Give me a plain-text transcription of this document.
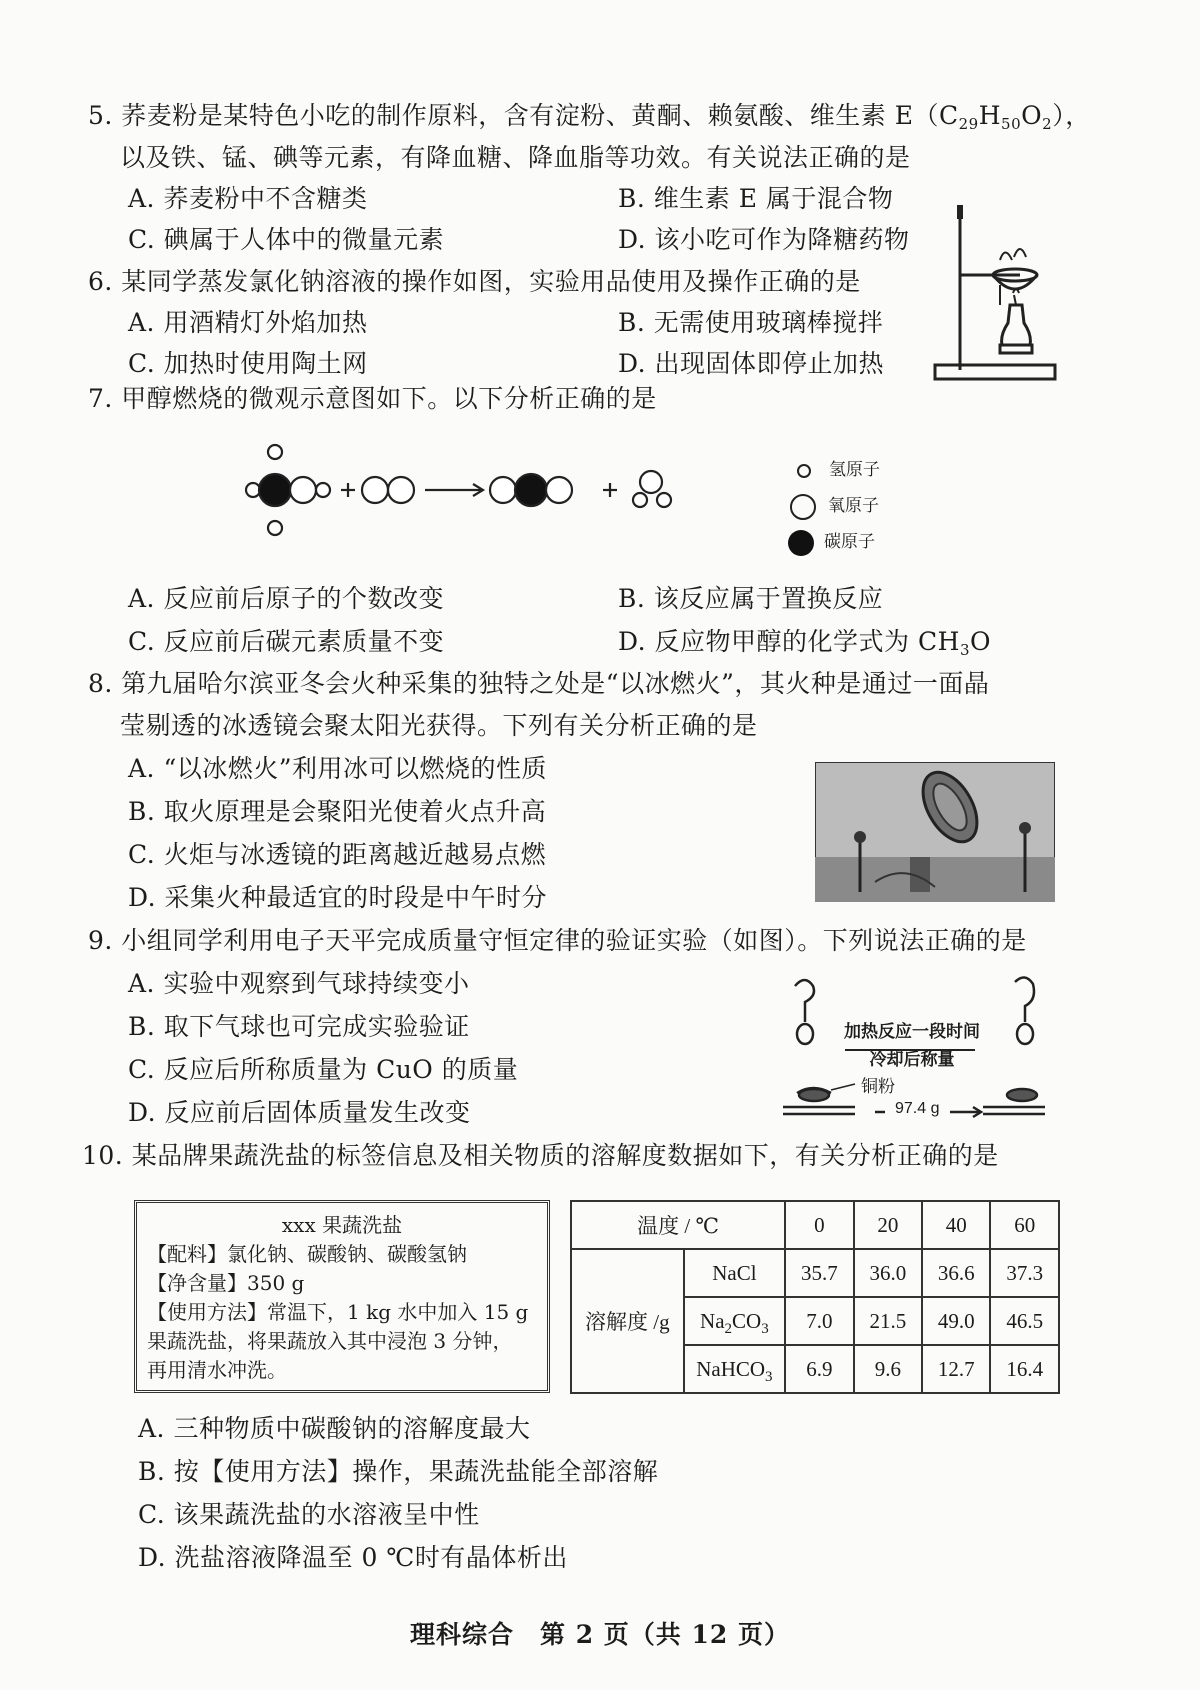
5. 荞麦粉是某特色小吃的制作原料，含有淀粉、黄酮、赖氨酸、维生素 $E(C_{29}H_{50}O_2)$，
以及铁、锰、碘等元素，有降血糖、降血脂等功效。有关说法正确的是
A. 荞麦粉中不含糖类	B. 维生素 E 属于混合物
C. 碘属于人体中的微量元素	D. 该小吃可作为降糖药物
6. 某同学蒸发氯化钠溶液的操作如图，实验用品使用及操作正确的是
A. 用酒精灯外焰加热	B. 无需使用玻璃棒搅拌
C. 加热时使用陶土网	D. 出现固体即停止加热
7. 甲醇燃烧的微观示意图如下。以下分析正确的是
氢原子
氧原子
碳原子
A. 反应前后原子的个数改变	B. 该反应属于置换反应
C. 反应前后碳元素质量不变	D. 反应物甲醇的化学式为 $CH_3O$
8. 第九届哈尔滨亚冬会火种采集的独特之处是“以冰燃火”，其火种是通过一面晶
莹剔透的冰透镜会聚太阳光获得。下列有关分析正确的是
A. “以冰燃火”利用冰可以燃烧的性质
B. 取火原理是会聚阳光使着火点升高
C. 火炬与冰透镜的距离越近越易点燃
D. 采集火种最适宜的时段是中午时分
9. 小组同学利用电子天平完成质量守恒定律的验证实验（如图）。下列说法正确的是
A. 实验中观察到气球持续变小
B. 取下气球也可完成实验验证
C. 反应后所称质量为 CuO 的质量
D. 反应前后固体质量发生改变
加热反应一段时间
冷却后称量
铜粉
97.4 g
10. 某品牌果蔬洗盐的标签信息及相关物质的溶解度数据如下，有关分析正确的是
xxx 果蔬洗盐
【配料】氯化钠、碳酸钠、碳酸氢钠
【净含量】350 g
【使用方法】常温下，1 kg 水中加入 15 g
果蔬洗盐，将果蔬放入其中浸泡 3 分钟，
再用清水冲洗。
温度 / ℃		0	20	40	60
溶解度 /g	NaCl	35.7	36.0	36.6	37.3
	$Na_2CO_3$	7.0	21.5	49.0	46.5
	NaHCO$_3$	6.9	9.6	12.7	16.4
A. 三种物质中碳酸钠的溶解度最大
B. 按【使用方法】操作，果蔬洗盐能全部溶解
C. 该果蔬洗盐的水溶液呈中性
D. 洗盐溶液降温至 0 ℃时有晶体析出
理科综合　第 2 页（共 12 页）
